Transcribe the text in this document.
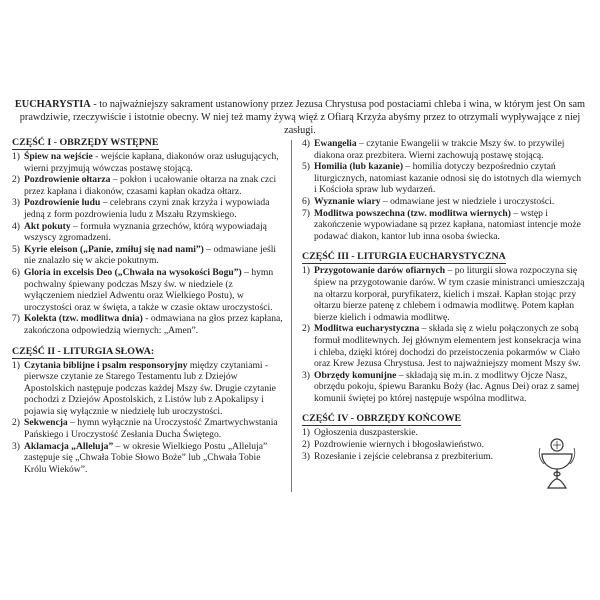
EUCHARYSTIA - to najważniejszy sakrament ustanowiony przez Jezusa Chrystusa pod postaciami chleba i wina, w którym jest On sam prawdziwie, rzeczywiście i istotnie obecny. W niej też mamy żywą więź z Ofiarą Krzyża abyśmy przez to otrzymali wypływające z niej zasługi.
CZĘŚĆ I - OBRZĘDY WSTĘPNE
1) Śpiew na wejście - wejście kapłana, diakonów oraz usługujących, wierni przyjmują wówczas postawę stojącą.
2) Pozdrowienie ołtarza – pokłon i ucałowanie ołtarza na znak czci przez kapłana i diakonów, czasami kapłan okadza ołtarz.
3) Pozdrowienie ludu – celebrans czyni znak krzyża i wypowiada jedną z form pozdrowienia ludu z Mszału Rzymskiego.
4) Akt pokuty – formuła wyznania grzechów, którą wypowiadają wszyscy zgromadzeni.
5) Kyrie eleison („Panie, zmiłuj się nad nami”) – odmawiane jeśli nie znalazło się w akcie pokutnym.
6) Gloria in excelsis Deo („Chwała na wysokości Bogu”) – hymn pochwalny śpiewany podczas Mszy św. w niedziele (z wyłączeniem niedziel Adwentu oraz Wielkiego Postu), w uroczystości oraz w święta, a także w czasie oktaw uroczystości.
7) Kolekta (tzw. modlitwa dnia) - odmawiana na głos przez kapłana, zakończona odpowiedzią wiernych: „Amen”.
CZĘŚĆ II - LITURGIA SŁOWA:
1) Czytania biblijne i psalm responsoryjny między czytaniami - pierwsze czytanie ze Starego Testamentu lub z Dziejów Apostolskich następuje podczas każdej Mszy św. Drugie czytanie pochodzi z Dziejów Apostolskich, z Listów lub z Apokalipsy i pojawia się wyłącznie w niedzielę lub uroczystości.
2) Sekwencja – hymn wyłącznie na Uroczystość Zmartwychwstania Pańskiego i Uroczystość Zesłania Ducha Świętego.
3) Aklamacja „Alleluja” – w okresie Wielkiego Postu „Alleluja” zastępuje się „Chwała Tobie Słowo Boże” lub „Chwała Tobie Królu Wieków”.
4) Ewangelia – czytanie Ewangelii w trakcie Mszy św. to przywilej diakona oraz prezbitera. Wierni zachowują postawę stojącą.
5) Homilia (lub kazanie) – homilia dotyczy bezpośrednio czytań liturgicznych, natomiast kazanie odnosi się do istotnych dla wiernych i Kościoła spraw lub wydarzeń.
6) Wyznanie wiary – odmawiane jest w niedziele i uroczystości.
7) Modlitwa powszechna (tzw. modlitwa wiernych) – wstęp i zakończenie wypowiadane są przez kapłana, natomiast intencje może podawać diakon, kantor lub inna osoba świecka.
CZĘŚĆ III - LITURGIA EUCHARYSTYCZNA
1) Przygotowanie darów ofiarnych – po liturgii słowa rozpoczyna się śpiew na przygotowanie darów. W tym czasie ministranci umieszczają na ołtarzu korporał, puryfikaterz, kielich i mszał. Kapłan stojąc przy ołtarzu bierze patenę z chlebem i odmawia modlitwę. Potem kapłan bierze kielich i odmawia modlitwę.
2) Modlitwa eucharystyczna – składa się z wielu połączonych ze sobą formuł modlitewnych. Jej głównym elementem jest konsekracja wina i chleba, dzięki której dochodzi do przeistoczenia pokarmów w Ciało oraz Krew Jezusa Chrystusa. Jest to najważniejszy moment Mszy św.
3) Obrzędy komunijne – składają się m.in. z modlitwy Ojcze Nasz, obrzędu pokoju, śpiewu Baranku Boży (łac. Agnus Dei) oraz z samej komunii świętej po której następuje wspólna modlitwa.
CZĘŚĆ IV - OBRZĘDY KOŃCOWE
1) Ogłoszenia duszpasterskie.
2) Pozdrowienie wiernych i błogosławieństwo.
3) Rozesłanie i zejście celebransa z prezbiterium.
